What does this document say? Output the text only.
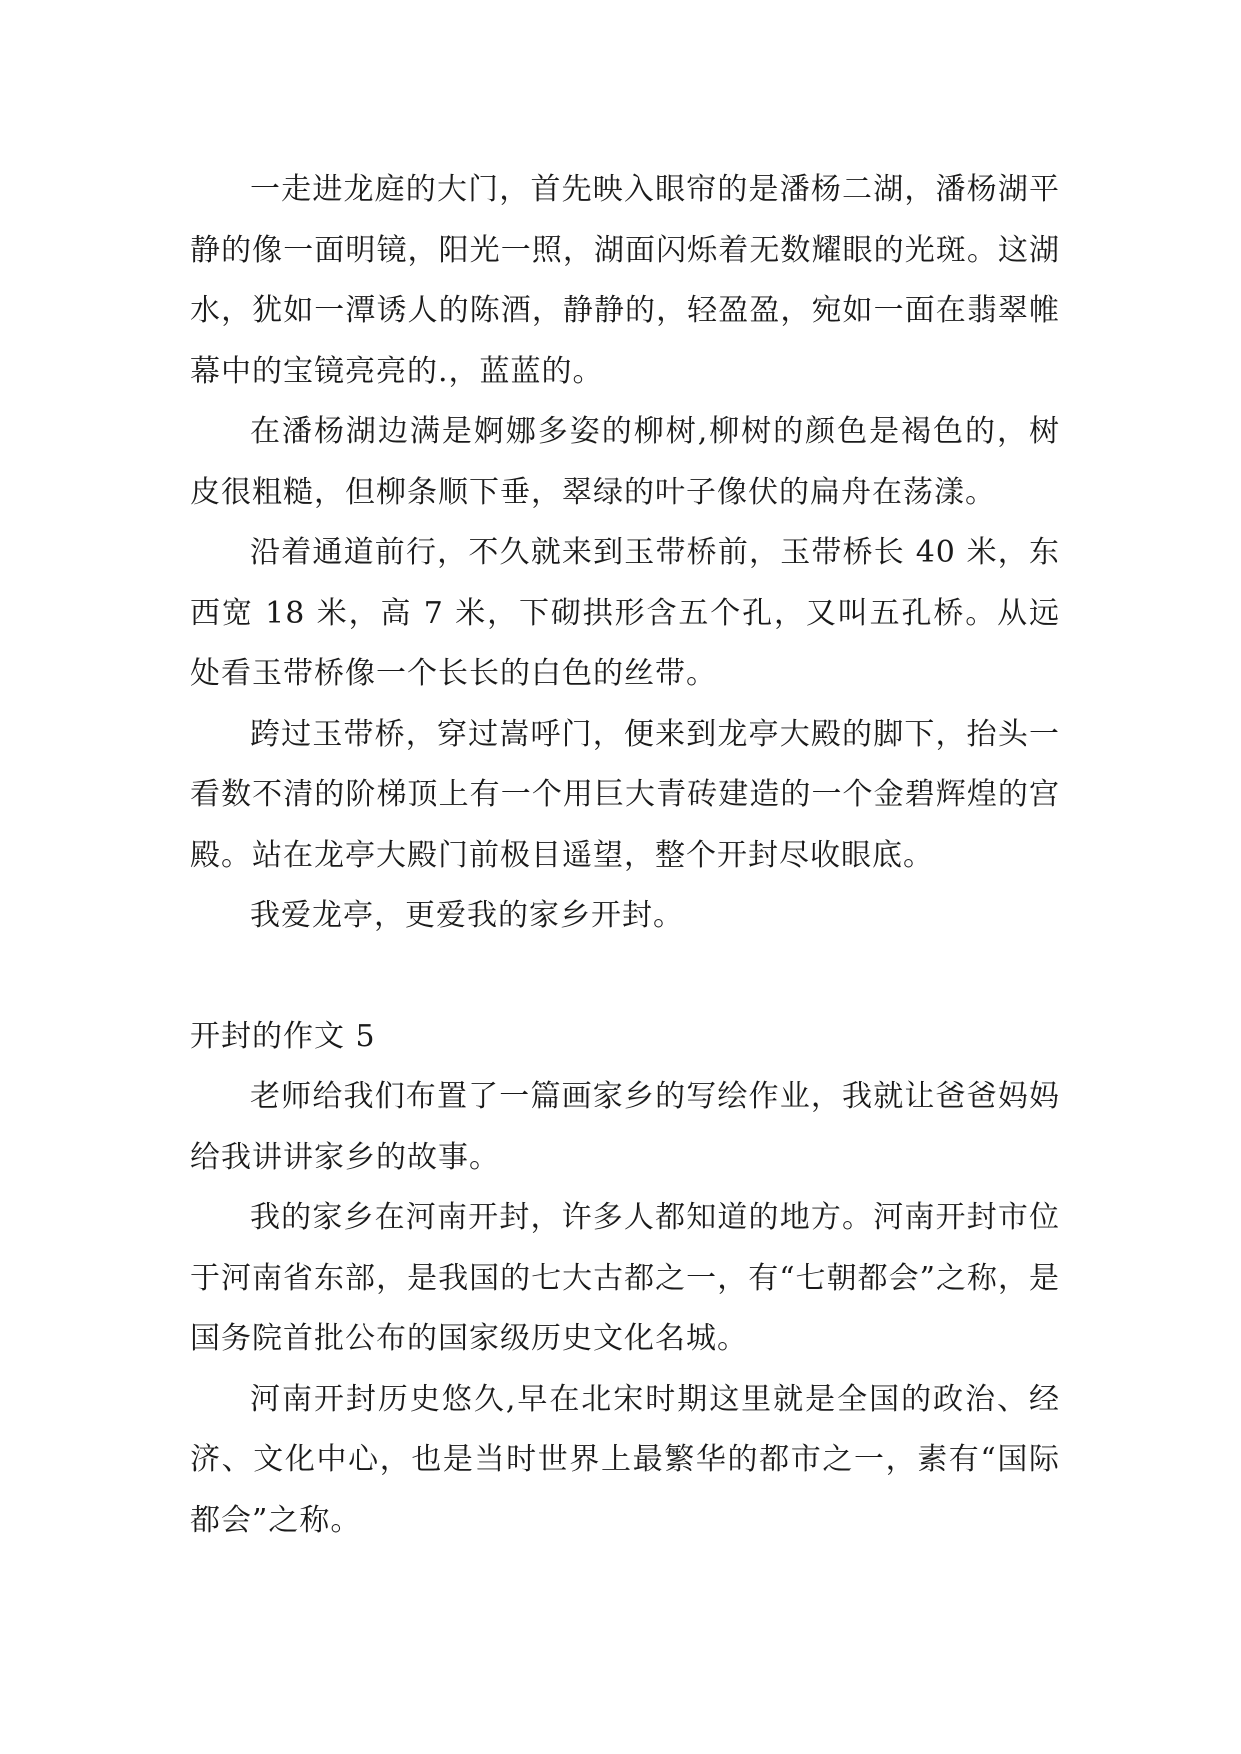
一走进龙庭的大门，首先映入眼帘的是潘杨二湖，潘杨湖平静的像一面明镜，阳光一照，湖面闪烁着无数耀眼的光斑。这湖水，犹如一潭诱人的陈酒，静静的，轻盈盈，宛如一面在翡翠帷幕中的宝镜亮亮的.，蓝蓝的。

在潘杨湖边满是婀娜多姿的柳树,柳树的颜色是褐色的，树皮很粗糙，但柳条顺下垂，翠绿的叶子像伏的扁舟在荡漾。

沿着通道前行，不久就来到玉带桥前，玉带桥长 40 米，东西宽 18 米，高 7 米，下砌拱形含五个孔，又叫五孔桥。从远处看玉带桥像一个长长的白色的丝带。

跨过玉带桥，穿过嵩呼门，便来到龙亭大殿的脚下，抬头一看数不清的阶梯顶上有一个用巨大青砖建造的一个金碧辉煌的宫殿。站在龙亭大殿门前极目遥望，整个开封尽收眼底。

我爱龙亭，更爱我的家乡开封。

开封的作文 5

老师给我们布置了一篇画家乡的写绘作业，我就让爸爸妈妈给我讲讲家乡的故事。

我的家乡在河南开封，许多人都知道的地方。河南开封市位于河南省东部，是我国的七大古都之一，有“七朝都会”之称，是国务院首批公布的国家级历史文化名城。

河南开封历史悠久,早在北宋时期这里就是全国的政治、经济、文化中心，也是当时世界上最繁华的都市之一，素有“国际都会”之称。
